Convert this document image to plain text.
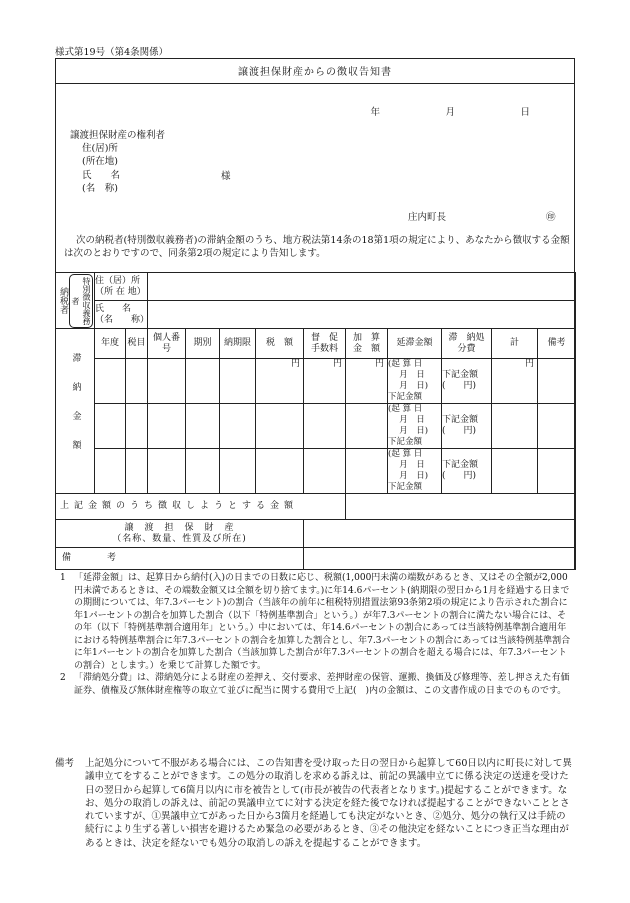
様式第19号（第4条関係）
譲渡担保財産からの徴収告知書
年　月　日
譲渡担保財産の権利者
住(居)所
(所在地)
氏　　名
(名　称)
様
庄内町長	㊞
次の納税者(特別徴収義務者)の滞納金額のうち、地方税法第14条の18第1項の規定により、あなたから徴収する金額は次のとおりですので、同条第2項の規定により告知します。
納税者 特別徴収義務者	住（居）所
（所 在 地）											
	氏　　名
（名　　称）											

滞納金額	年度	税目	個人番号	期別	納期限	税　額	督　促手数料	加　算金　額	延滞金額	滞　納処分費	計	備考
						円	円	円	(起 算 日
　 月　日
　 月　日)
下記金額	下記金額
(　　円)	円	
									(起 算 日
　 月　日
　 月　日)
下記金額	下記金額
(　　円)		
									(起 算 日
　 月　日
　 月　日)
下記金額	下記金額
(　　円)		
上記金額のうち徴収しようとする金額												
譲　渡　担　保　財　産
（名称、数量、性質及び所在)												
備　　　　考												
1 「延滞金額」は、起算日から納付(入)の日までの日数に応じ、税額(1,000円未満の端数があるとき、又はその全額が2,000円未満であるときは、その端数金額又は全額を切り捨てます。)に年14.6パーセント(納期限の翌日から1月を経過する日までの期間については、年7.3パーセント)の割合（当該年の前年に租税特別措置法第93条第2項の規定により告示された割合に年1パーセントの割合を加算した割合（以下「特例基準割合」という。）が年7.3パーセントの割合に満たない場合には、その年（以下「特例基準割合適用年」という。）中においては、年14.6パーセントの割合にあっては当該特例基準割合適用年における特例基準割合に年7.3パーセントの割合を加算した割合とし、年7.3パーセントの割合にあっては当該特例基準割合に年1パーセントの割合を加算した割合（当該加算した割合が年7.3パーセントの割合を超える場合には、年7.3パーセントの割合）とします。）を乗じて計算した額です。
2 「滞納処分費」は、滞納処分による財産の差押え、交付要求、差押財産の保管、運搬、換価及び修理等、差し押さえた有価証券、債権及び無体財産権等の取立て並びに配当に関する費用で上記(　)内の金額は、この文書作成の日までのものです。
備考	上記処分について不服がある場合には、この告知書を受け取った日の翌日から起算して60日以内に町長に対して異議申立てをすることができます。この処分の取消しを求める訴えは、前記の異議申立てに係る決定の送達を受けた日の翌日から起算して6箇月以内に市を被告として(市長が被告の代表者となります。)提起することができます。なお、処分の取消しの訴えは、前記の異議申立てに対する決定を経た後でなければ提起することができないこととされていますが、①異議申立てがあった日から3箇月を経過しても決定がないとき、②処分、処分の執行又は手続の続行により生ずる著しい損害を避けるため緊急の必要があるとき、③その他決定を経ないことにつき正当な理由があるときは、決定を経ないでも処分の取消しの訴えを提起することができます。
